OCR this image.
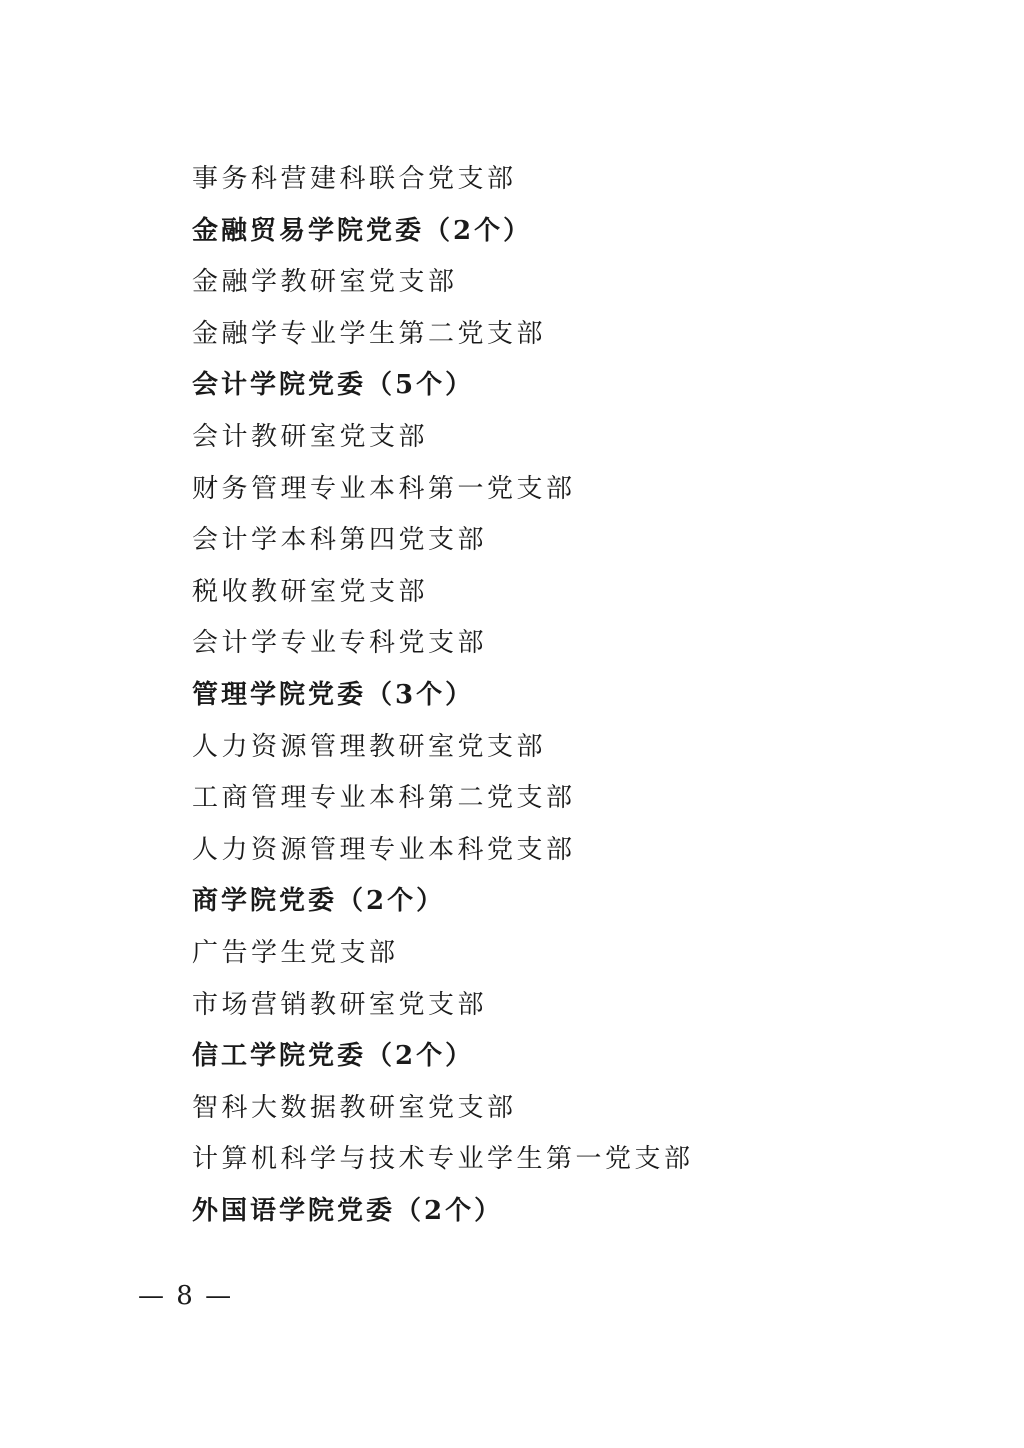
事务科营建科联合党支部
金融贸易学院党委（2个）
金融学教研室党支部
金融学专业学生第二党支部
会计学院党委（5个）
会计教研室党支部
财务管理专业本科第一党支部
会计学本科第四党支部
税收教研室党支部
会计学专业专科党支部
管理学院党委（3个）
人力资源管理教研室党支部
工商管理专业本科第二党支部
人力资源管理专业本科党支部
商学院党委（2个）
广告学生党支部
市场营销教研室党支部
信工学院党委（2个）
智科大数据教研室党支部
计算机科学与技术专业学生第一党支部
外国语学院党委（2个）
— 8 —
